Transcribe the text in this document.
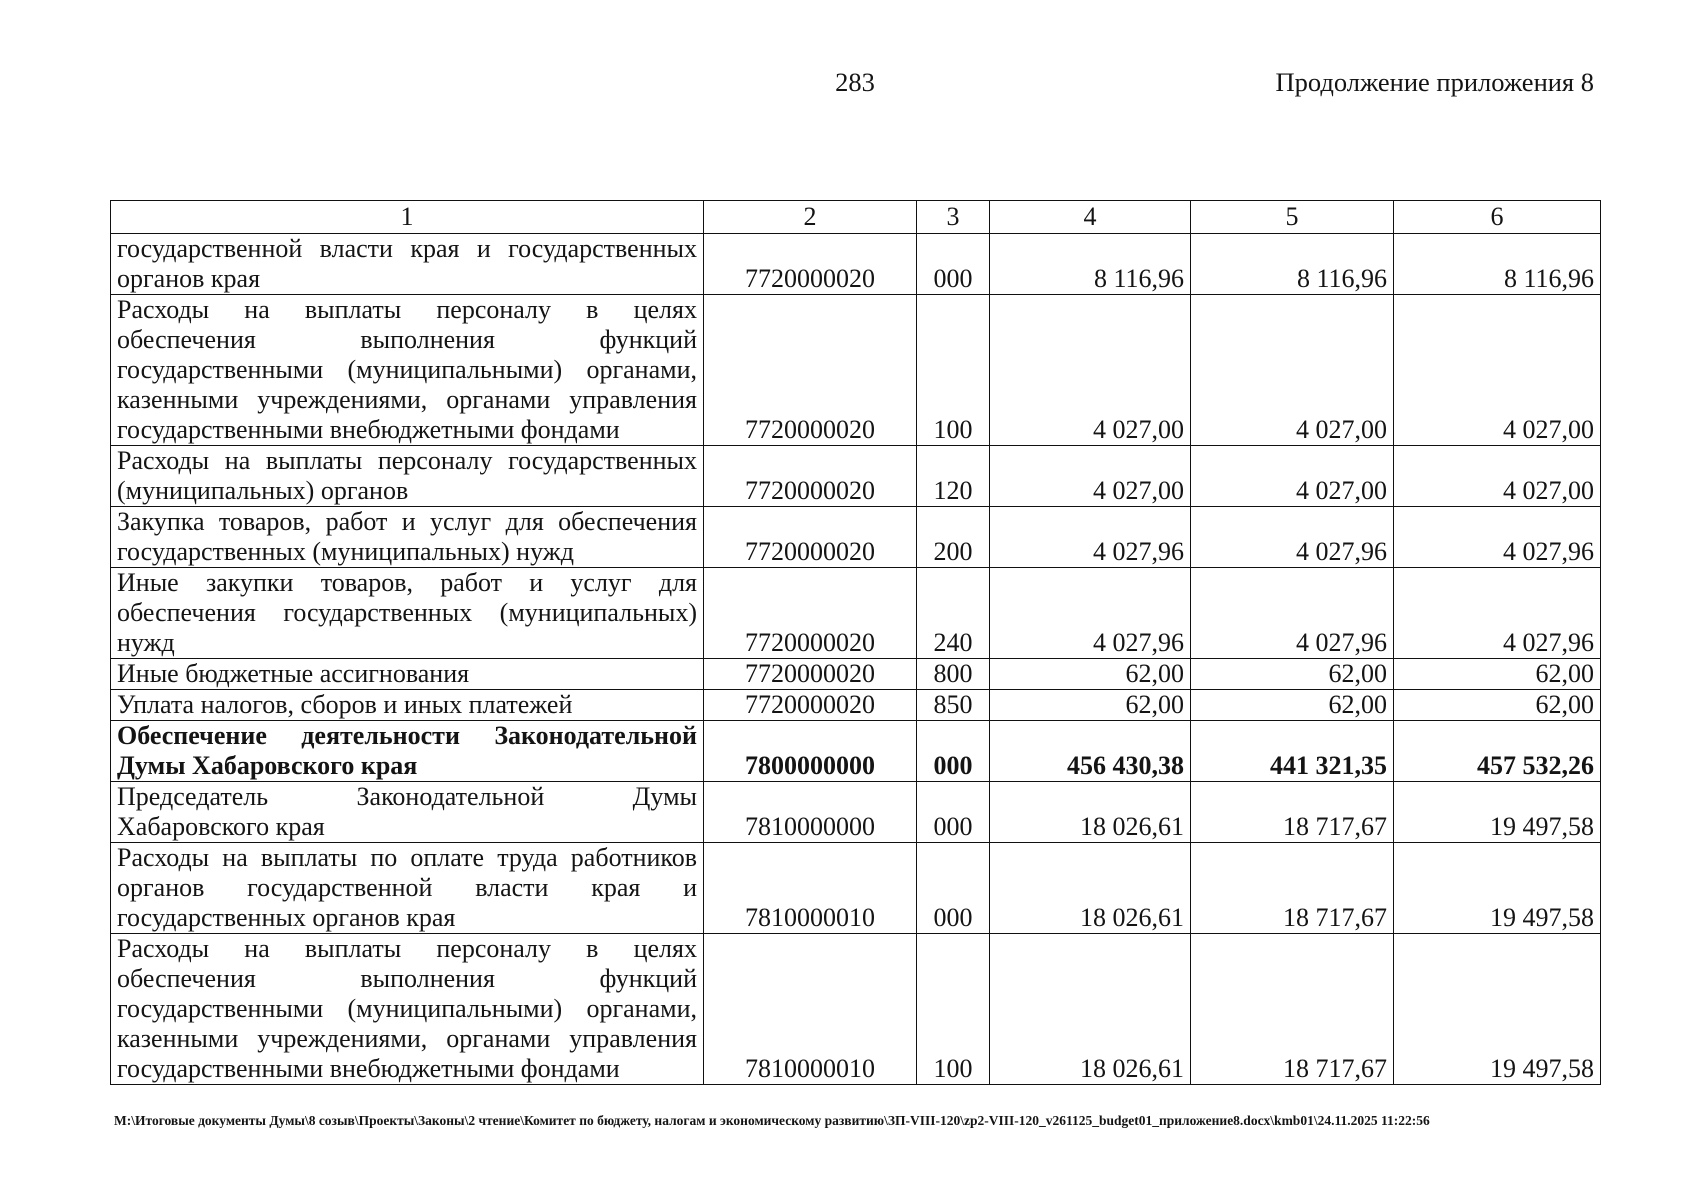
283	Продолжение приложения 8
1	2	3	4	5	6

государственной власти края и государственных
органов края	7720000020	000	8 116,96	8 116,96	8 116,96

Расходы на выплаты персоналу в целях
обеспечения выполнения функций
государственными (муниципальными) органами,
казенными учреждениями, органами управления
государственными внебюджетными фондами	7720000020	100	4 027,00	4 027,00	4 027,00

Расходы на выплаты персоналу государственных
(муниципальных) органов	7720000020	120	4 027,00	4 027,00	4 027,00

Закупка товаров, работ и услуг для обеспечения
государственных (муниципальных) нужд	7720000020	200	4 027,96	4 027,96	4 027,96

Иные закупки товаров, работ и услуг для
обеспечения государственных (муниципальных)
нужд	7720000020	240	4 027,96	4 027,96	4 027,96

Иные бюджетные ассигнования	7720000020	800	62,00	62,00	62,00

Уплата налогов, сборов и иных платежей	7720000020	850	62,00	62,00	62,00

Обеспечение деятельности Законодательной
Думы Хабаровского края	7800000000	000	456 430,38	441 321,35	457 532,26

Председатель Законодательной Думы
Хабаровского края	7810000000	000	18 026,61	18 717,67	19 497,58

Расходы на выплаты по оплате труда работников
органов государственной власти края и
государственных органов края	7810000010	000	18 026,61	18 717,67	19 497,58

Расходы на выплаты персоналу в целях
обеспечения выполнения функций
государственными (муниципальными) органами,
казенными учреждениями, органами управления
государственными внебюджетными фондами	7810000010	100	18 026,61	18 717,67	19 497,58
M:\Итоговые документы Думы\8 созыв\Проекты\Законы\2 чтение\Комитет по бюджету, налогам и экономическому развитию\ЗП-VIII-120\zp2-VIII-120_v261125_budget01_приложение8.docx\kmb01\24.11.2025 11:22:56
